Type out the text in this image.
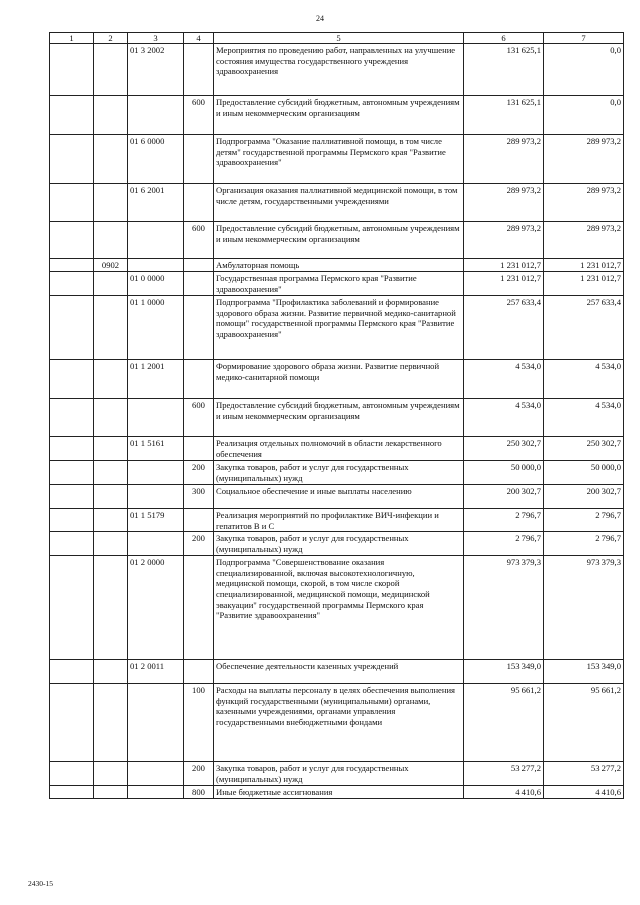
24
1	2	3	4	5	6	7
		01 3 2002		Мероприятия по проведению работ, направленных на улучшение состояния имущества государственного учреждения здравоохранения	131 625,1	0,0
			600	Предоставление субсидий бюджетным, автономным учреждениям и иным некоммерческим организациям	131 625,1	0,0
		01 6 0000		Подпрограмма "Оказание паллиативной помощи, в том числе детям" государственной программы Пермского края "Развитие здравоохранения"	289 973,2	289 973,2
		01 6 2001		Организация оказания паллиативной медицинской помощи, в том числе детям, государственными учреждениями	289 973,2	289 973,2
			600	Предоставление субсидий бюджетным, автономным учреждениям и иным некоммерческим организациям	289 973,2	289 973,2
	0902			Амбулаторная помощь	1 231 012,7	1 231 012,7
		01 0 0000		Государственная программа Пермского края "Развитие здравоохранения"	1 231 012,7	1 231 012,7
		01 1 0000		Подпрограмма "Профилактика заболеваний и формирование здорового образа жизни. Развитие первичной медико-санитарной помощи" государственной программы Пермского края "Развитие здравоохранения"	257 633,4	257 633,4
		01 1 2001		Формирование здорового образа жизни. Развитие первичной медико-санитарной помощи	4 534,0	4 534,0
			600	Предоставление субсидий бюджетным, автономным учреждениям и иным некоммерческим организациям	4 534,0	4 534,0
		01 1 5161		Реализация отдельных полномочий в области лекарственного обеспечения	250 302,7	250 302,7
			200	Закупка товаров, работ и услуг для государственных (муниципальных) нужд	50 000,0	50 000,0
			300	Социальное обеспечение и иные выплаты населению	200 302,7	200 302,7
		01 1 5179		Реализация мероприятий по профилактике ВИЧ-инфекции и гепатитов В и С	2 796,7	2 796,7
			200	Закупка товаров, работ и услуг для государственных (муниципальных) нужд	2 796,7	2 796,7
		01 2 0000		Подпрограмма "Совершенствование оказания специализированной, включая высокотехнологичную, медицинской помощи, скорой, в том числе скорой специализированной, медицинской помощи, медицинской эвакуации" государственной программы Пермского края "Развитие здравоохранения"	973 379,3	973 379,3
		01 2 0011		Обеспечение деятельности казенных учреждений	153 349,0	153 349,0
			100	Расходы на выплаты персоналу в целях обеспечения выполнения функций государственными (муниципальными) органами, казенными учреждениями, органами управления государственными внебюджетными фондами	95 661,2	95 661,2
			200	Закупка товаров, работ и услуг для государственных (муниципальных) нужд	53 277,2	53 277,2
			800	Иные бюджетные ассигнования	4 410,6	4 410,6
2430-15
